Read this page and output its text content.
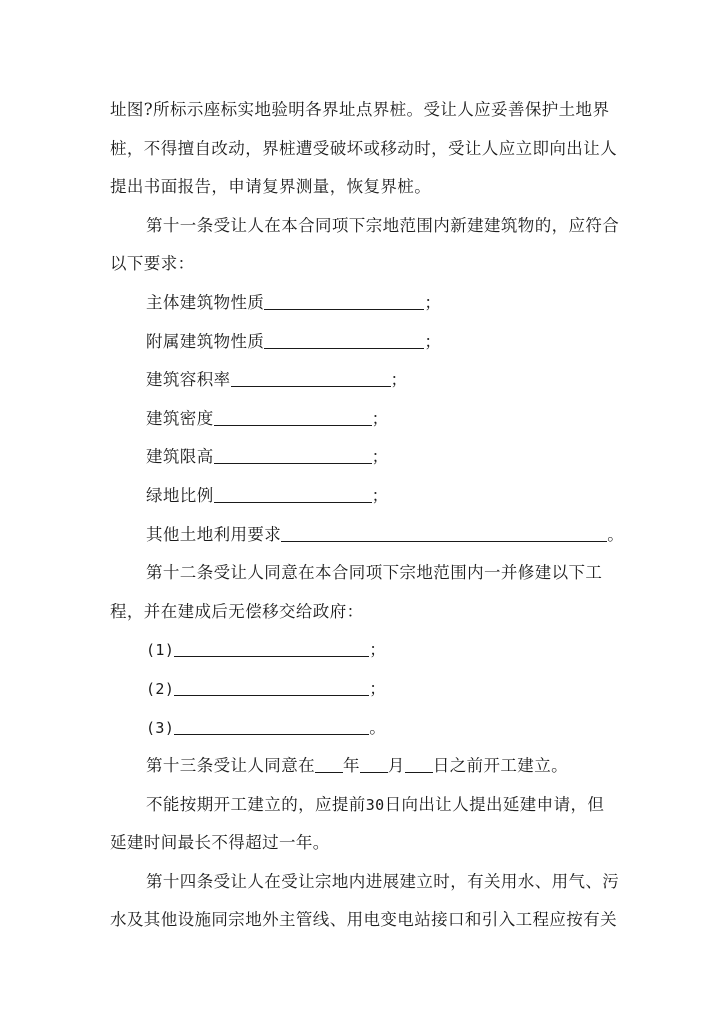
址图?所标示座标实地验明各界址点界桩。受让人应妥善保护土地界
桩，不得擅自改动，界桩遭受破坏或移动时，受让人应立即向出让人
提出书面报告，申请复界测量，恢复界桩。
第十一条受让人在本合同项下宗地范围内新建建筑物的，应符合
以下要求：
主体建筑物性质	；
附属建筑物性质	；
建筑容积率	；
建筑密度	；
建筑限高	；
绿地比例	；
其他土地利用要求	。
第十二条受让人同意在本合同项下宗地范围内一并修建以下工
程，并在建成后无偿移交给政府：
(1)	；
(2)	；
(3)	。
第十三条受让人同意在 年 月 日之前开工建立。
不能按期开工建立的，应提前30日向出让人提出延建申请，但
延建时间最长不得超过一年。
第十四条受让人在受让宗地内进展建立时，有关用水、用气、污
水及其他设施同宗地外主管线、用电变电站接口和引入工程应按有关
